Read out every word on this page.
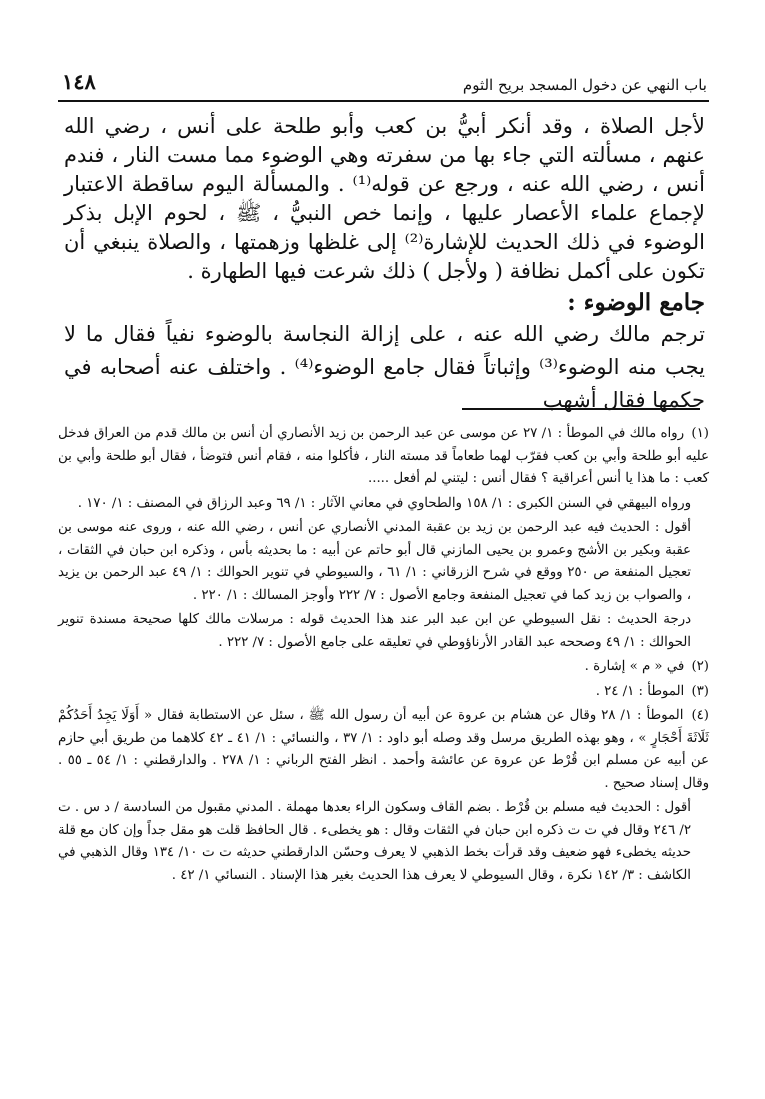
باب النهي عن دخول المسجد بريح الثوم
١٤٨

لأجل الصلاة ، وقد أنكر أبيُّ بن كعب وأبو طلحة على أنس ، رضي الله عنهم ، مسألته التي جاء بها من سفرته وهي الوضوء مما مست النار ، فندم أنس ، رضي الله عنه ، ورجع عن قوله⁽¹⁾ . والمسألة اليوم ساقطة الاعتبار لإجماع علماء الأعصار عليها ، وإنما خص النبيُّ ، ﷺ ، لحوم الإبل بذكر الوضوء في ذلك الحديث للإشارة⁽²⁾ إلى غلظها وزهمتها ، والصلاة ينبغي أن تكون على أكمل نظافة ( ولأجل ) ذلك شرعت فيها الطهارة .

جامع الوضوء :

ترجم مالك رضي الله عنه ، على إزالة النجاسة بالوضوء نفياً فقال ما لا يجب منه الوضوء⁽³⁾ وإثباتاً فقال جامع الوضوء⁽⁴⁾ . واختلف عنه أصحابه في حكمها فقال أشهب

(١) رواه مالك في الموطأ : ١/ ٢٧ عن موسى عن عبد الرحمن بن زيد الأنصاري أن أنس بن مالك قدم من العراق فدخل عليه أبو طلحة وأبي بن كعب فقرّب لهما طعاماً قد مسته النار ، فأكلوا منه ، فقام أنس فتوضأ ، فقال أبو طلحة وأبي بن كعب : ما هذا يا أنس أعراقية ؟ فقال أنس : ليتني لم أفعل .....

ورواه البيهقي في السنن الكبرى : ١/ ١٥٨ والطحاوي في معاني الآثار : ١/ ٦٩ وعبد الرزاق في المصنف : ١/ ١٧٠ .

أقول : الحديث فيه عبد الرحمن بن زيد بن عقبة المدني الأنصاري عن أنس ، رضي الله عنه ، وروى عنه موسى بن عقبة وبكير بن الأشج وعمرو بن يحيى المازني قال أبو حاتم عن أبيه : ما بحديثه بأس ، وذكره ابن حبان في الثقات ، تعجيل المنفعة ص ٢٥٠ ووقع في شرح الزرقاني : ١/ ٦١ ، والسيوطي في تنوير الحوالك : ١/ ٤٩ عبد الرحمن بن يزيد ، والصواب بن زيد كما في تعجيل المنفعة وجامع الأصول : ٧/ ٢٢٢ وأوجز المسالك : ١/ ٢٢٠ .

درجة الحديث : نقل السيوطي عن ابن عبد البر عند هذا الحديث قوله : مرسلات مالك كلها صحيحة مسندة تنوير الحوالك : ١/ ٤٩ وصححه عبد القادر الأرناؤوطي في تعليقه على جامع الأصول : ٧/ ٢٢٢ .

(٢) في « م » إشارة .

(٣) الموطأ : ١/ ٢٤ .

(٤) الموطأ : ١/ ٢٨ وقال عن هشام بن عروة عن أبيه أن رسول الله ﷺ ، سئل عن الاستطابة فقال « أَوَلَا يَجِدُ أَحَدُكُمْ ثَلَاثَةَ أَحْجَارٍ » ، وهو بهذه الطريق مرسل وقد وصله أبو داود : ١/ ٣٧ ، والنسائي : ١/ ٤١ ـ ٤٢ كلاهما من طريق أبي حازم عن أبيه عن مسلم ابن قُرْط عن عروة عن عائشة وأحمد . انظر الفتح الرباني : ١/ ٢٧٨ . والدارقطني : ١/ ٥٤ ـ ٥٥ . وقال إسناد صحيح .

أقول : الحديث فيه مسلم بن قُرْط . بضم القاف وسكون الراء بعدها مهملة . المدني مقبول من السادسة / د س . ت ٢/ ٢٤٦ وقال في ت ت ذكره ابن حبان في الثقات وقال : هو يخطىء . قال الحافظ قلت هو مقل جداً وإن كان مع قلة حديثه يخطىء فهو ضعيف وقد قرأت بخط الذهبي لا يعرف وحسّن الدارقطني حديثه ت ت ١٠/ ١٣٤ وقال الذهبي في الكاشف : ٣/ ١٤٢ نكرة ، وقال السيوطي لا يعرف هذا الحديث بغير هذا الإسناد . النسائي ١/ ٤٢ .
